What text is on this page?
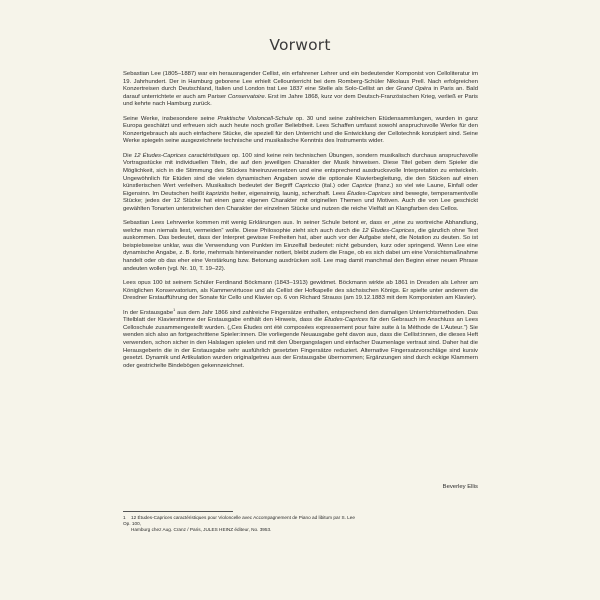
Vorwort

Sebastian Lee (1805–1887) war ein herausragender Cellist, ein erfahrener Lehrer und ein bedeutender Komponist von Celloliteratur im 19. Jahrhundert. Der in Hamburg geborene Lee erhielt Cellounterricht bei dem Romberg-Schüler Nikolaus Prell. Nach erfolgreichen Konzertreisen durch Deutschland, Italien und London trat Lee 1837 eine Stelle als Solo-Cellist an der Grand Opéra in Paris an. Bald darauf unterrichtete er auch am Pariser Conservatoire. Erst im Jahre 1868, kurz vor dem Deutsch-Französischen Krieg, verließ er Paris und kehrte nach Hamburg zurück.

Seine Werke, insbesondere seine Praktische Violoncell-Schule op. 30 und seine zahlreichen Etüdensammlungen, wurden in ganz Europa geschätzt und erfreuen sich auch heute noch großer Beliebtheit. Lees Schaffen umfasst sowohl anspruchsvolle Werke für den Konzertgebrauch als auch einfachere Stücke, die speziell für den Unterricht und die Entwicklung der Cellotechnik konzipiert sind. Seine Werke spiegeln seine ausgezeichnete technische und musikalische Kenntnis des Instruments wider.

Die 12 Études-Caprices caractéristiques op. 100 sind keine rein technischen Übungen, sondern musikalisch durchaus anspruchsvolle Vortragsstücke mit individuellen Titeln, die auf den jeweiligen Charakter der Musik hinweisen. Diese Titel geben dem Spieler die Möglichkeit, sich in die Stimmung des Stückes hineinzuversetzen und eine entsprechend ausdrucksvolle Interpretation zu entwickeln. Ungewöhnlich für Etüden sind die vielen dynamischen Angaben sowie die optionale Klavierbegleitung, die den Stücken auf einen künstlerischen Wert verleihen. Musikalisch bedeutet der Begriff Capriccio (ital.) oder Caprice (franz.) so viel wie Laune, Einfall oder Eigensinn. Im Deutschen heißt kapriziös heiter, eigensinnig, launig, scherzhaft. Lees Études-Caprices sind bewegte, temperamentvolle Stücke; jedes der 12 Stücke hat einen ganz eigenen Charakter mit originellen Themen und Motiven. Auch die von Lee geschickt gewählten Tonarten unterstreichen den Charakter der einzelnen Stücke und nutzen die reiche Vielfalt an Klangfarben des Cellos.

Sebastian Lees Lehrwerke kommen mit wenig Erklärungen aus. In seiner Schule betont er, dass er „eine zu wortreiche Abhandlung, welche man niemals liest, vermeiden“ wolle. Diese Philosophie zieht sich auch durch die 12 Études-Caprices, die gänzlich ohne Text auskommen. Das bedeutet, dass der Interpret gewisse Freiheiten hat, aber auch vor der Aufgabe steht, die Notation zu deuten. So ist beispielsweise unklar, was die Verwendung von Punkten im Einzelfall bedeutet: nicht gebunden, kurz oder springend. Wenn Lee eine dynamische Angabe, z. B. forte, mehrmals hintereinander notiert, bleibt zudem die Frage, ob es sich dabei um eine Vorsichtsmaßnahme handelt oder ob das eher eine Verstärkung bzw. Betonung ausdrücken soll. Lee mag damit manchmal den Beginn einer neuen Phrase andeuten wollen (vgl. Nr. 10, T. 19–22).

Lees opus 100 ist seinem Schüler Ferdinand Böckmann (1843–1913) gewidmet. Böckmann wirkte ab 1861 in Dresden als Lehrer am Königlichen Konservatorium, als Kammervirtuose und als Cellist der Hofkapelle des sächsischen Königs. Er spielte unter anderem die Dresdner Erstaufführung der Sonate für Cello und Klavier op. 6 von Richard Strauss (am 19.12.1883 mit dem Komponisten am Klavier).

In der Erstausgabe$^1$ aus dem Jahr 1866 sind zahlreiche Fingersätze enthalten, entsprechend den damaligen Unterrichtsmethoden. Das Titelblatt der Klavierstimme der Erstausgabe enthält den Hinweis, dass die Études-Caprices für den Gebrauch im Anschluss an Lees Celloschule zusammengestellt wurden. („Ces Études ont été composées expressement pour faire suite à la Méthode de L’Auteur.“) Sie wenden sich also an fortgeschrittene Spieler:innen. Die vorliegende Neuausgabe geht davon aus, dass die Cellist:innen, die dieses Heft verwenden, schon sicher in den Halslagen spielen und mit den Übergangslagen und einfacher Daumenlage vertraut sind. Daher hat die Herausgeberin die in der Erstausgabe sehr ausführlich gesetzten Fingersätze reduziert. Alternative Fingersatzvorschläge sind kursiv gesetzt. Dynamik und Artikulation wurden originalgetreu aus der Erstausgabe übernommen; Ergänzungen sind durch eckige Klammern oder gestrichelte Bindebögen gekennzeichnet.

Beverley Ellis
1 12 Études-Caprices caractéristiques pour Violoncelle avec Accompagnement de Piano ad libitum par S. Lee Op. 100,
Hamburg chez Aug. Cranz / Paris, JULES HEINZ éditeur, No. 3953.
